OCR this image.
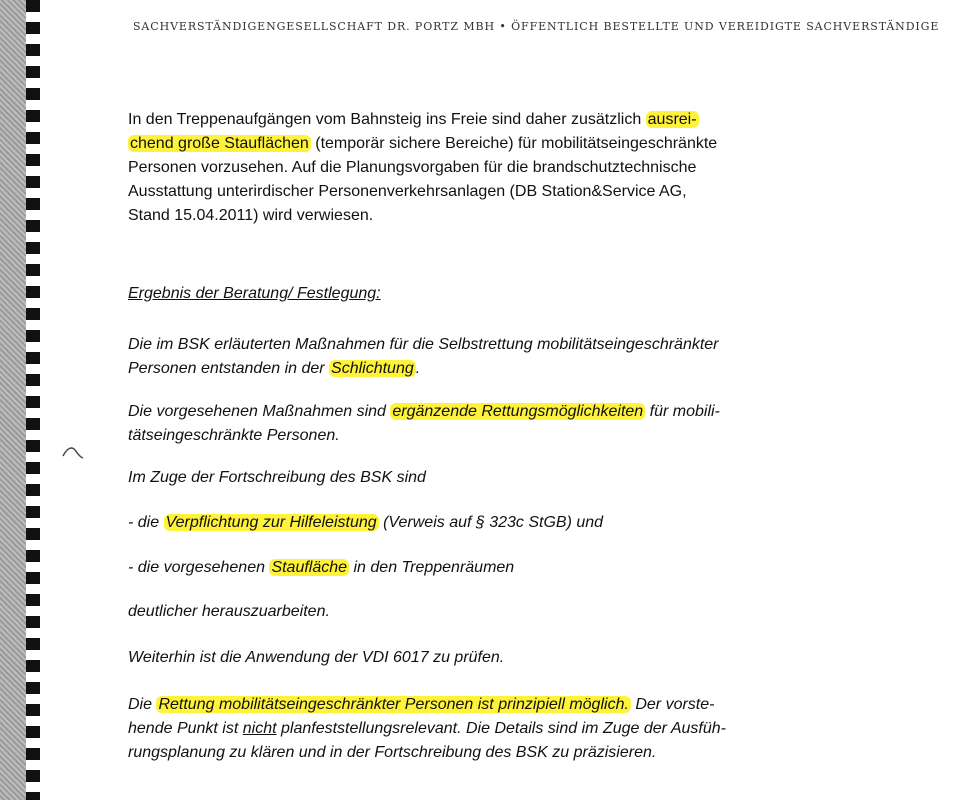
SACHVERSTÄNDIGENGESELLSCHAFT DR. PORTZ MBH • ÖFFENTLICH BESTELLTE UND VEREIDIGTE SACHVERSTÄNDIGE
In den Treppenaufgängen vom Bahnsteig ins Freie sind daher zusätzlich ausrei-
chend große Stauflächen (temporär sichere Bereiche) für mobilitätseingeschränkte
Personen vorzusehen. Auf die Planungsvorgaben für die brandschutztechnische
Ausstattung unterirdischer Personenverkehrsanlagen (DB Station&Service AG,
Stand 15.04.2011) wird verwiesen.
Ergebnis der Beratung/ Festlegung:
Die im BSK erläuterten Maßnahmen für die Selbstrettung mobilitätseingeschränkter
Personen entstanden in der Schlichtung .
Die vorgesehenen Maßnahmen sind ergänzende Rettungsmöglichkeiten für mobili-
tätseingeschränkte Personen.
Im Zuge der Fortschreibung des BSK sind
- die Verpflichtung zur Hilfeleistung (Verweis auf § 323c StGB) und
- die vorgesehenen Staufläche in den Treppenräumen
deutlicher herauszuarbeiten.
Weiterhin ist die Anwendung der VDI 6017 zu prüfen.
Die Rettung mobilitätseingeschränkter Personen ist prinzipiell möglich. Der vorste-
hende Punkt ist nicht planfeststellungsrelevant. Die Details sind im Zuge der Ausfüh-
rungsplanung zu klären und in der Fortschreibung des BSK zu präzisieren.
